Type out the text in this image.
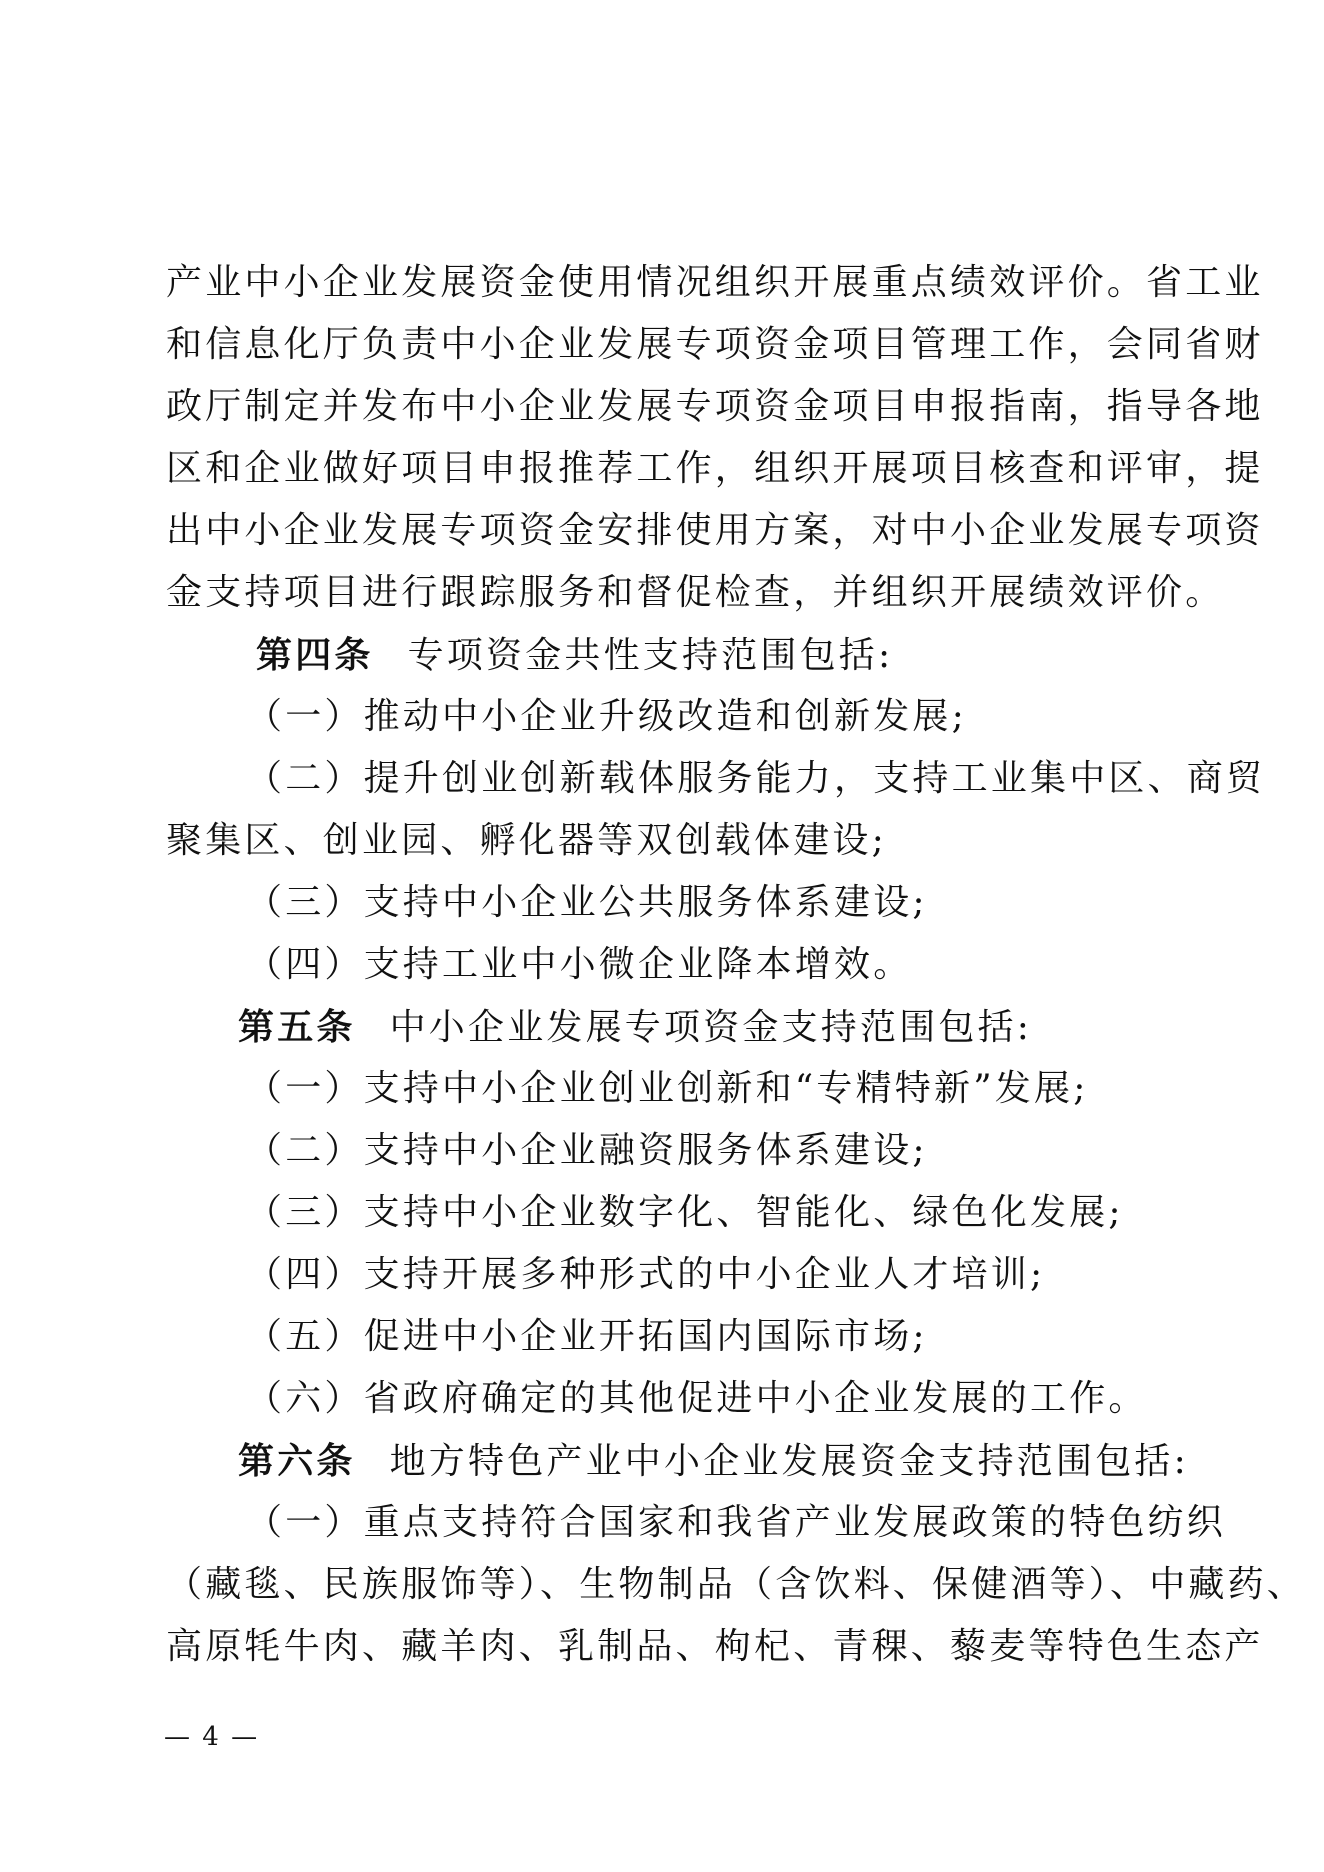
产业中小企业发展资金使用情况组织开展重点绩效评价。省工业
和信息化厅负责中小企业发展专项资金项目管理工作，会同省财
政厅制定并发布中小企业发展专项资金项目申报指南，指导各地
区和企业做好项目申报推荐工作，组织开展项目核查和评审，提
出中小企业发展专项资金安排使用方案，对中小企业发展专项资
金支持项目进行跟踪服务和督促检查，并组织开展绩效评价。
第四条 专项资金共性支持范围包括:
（一）推动中小企业升级改造和创新发展;
（二）提升创业创新载体服务能力，支持工业集中区、商贸
聚集区、创业园、孵化器等双创载体建设;
（三）支持中小企业公共服务体系建设;
（四）支持工业中小微企业降本增效。
第五条 中小企业发展专项资金支持范围包括:
（一）支持中小企业创业创新和“专精特新”发展;
（二）支持中小企业融资服务体系建设;
（三）支持中小企业数字化、智能化、绿色化发展;
（四）支持开展多种形式的中小企业人才培训;
（五）促进中小企业开拓国内国际市场;
（六）省政府确定的其他促进中小企业发展的工作。
第六条 地方特色产业中小企业发展资金支持范围包括:
（一）重点支持符合国家和我省产业发展政策的特色纺织
（藏毯、民族服饰等）、生物制品（含饮料、保健酒等）、中藏药、
高原牦牛肉、藏羊肉、乳制品、枸杞、青稞、藜麦等特色生态产
— 4 —
